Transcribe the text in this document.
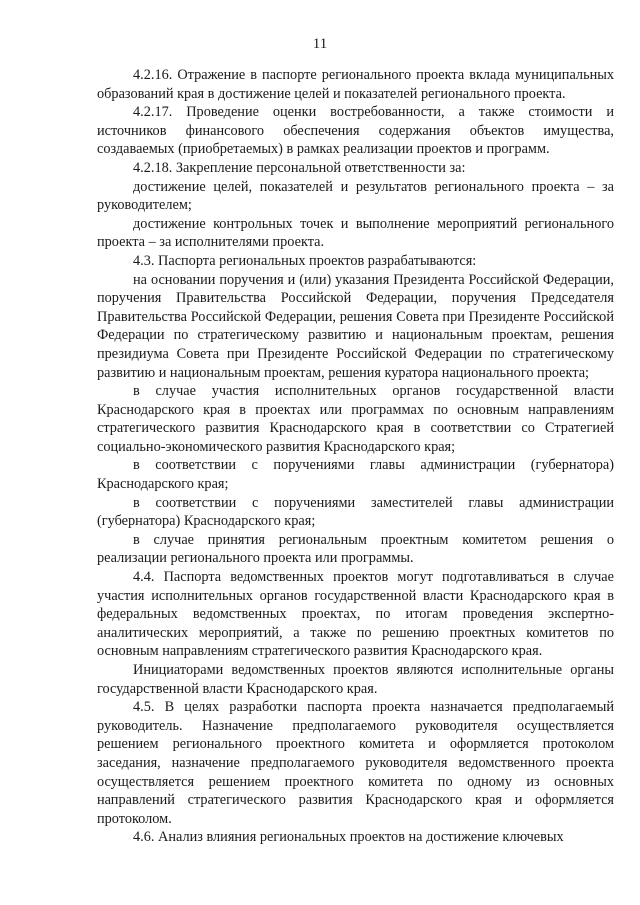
11

4.2.16. Отражение в паспорте регионального проекта вклада муниципальных образований края в достижение целей и показателей регионального проекта.

4.2.17. Проведение оценки востребованности, а также стоимости и источников финансового обеспечения содержания объектов имущества, создаваемых (приобретаемых) в рамках реализации проектов и программ.

4.2.18. Закрепление персональной ответственности за:

достижение целей, показателей и результатов регионального проекта – за руководителем;

достижение контрольных точек и выполнение мероприятий регионального проекта – за исполнителями проекта.

4.3. Паспорта региональных проектов разрабатываются:

на основании поручения и (или) указания Президента Российской Федерации, поручения Правительства Российской Федерации, поручения Председателя Правительства Российской Федерации, решения Совета при Президенте Российской Федерации по стратегическому развитию и национальным проектам, решения президиума Совета при Президенте Российской Федерации по стратегическому развитию и национальным проектам, решения куратора национального проекта;

в случае участия исполнительных органов государственной власти Краснодарского края в проектах или программах по основным направлениям стратегического развития Краснодарского края в соответствии со Стратегией социально-экономического развития Краснодарского края;

в соответствии с поручениями главы администрации (губернатора) Краснодарского края;

в соответствии с поручениями заместителей главы администрации (губернатора) Краснодарского края;

в случае принятия региональным проектным комитетом решения о реализации регионального проекта или программы.

4.4. Паспорта ведомственных проектов могут подготавливаться в случае участия исполнительных органов государственной власти Краснодарского края в федеральных ведомственных проектах, по итогам проведения экспертно-аналитических мероприятий, а также по решению проектных комитетов по основным направлениям стратегического развития Краснодарского края.

Инициаторами ведомственных проектов являются исполнительные органы государственной власти Краснодарского края.

4.5. В целях разработки паспорта проекта назначается предполагаемый руководитель. Назначение предполагаемого руководителя осуществляется решением регионального проектного комитета и оформляется протоколом заседания, назначение предполагаемого руководителя ведомственного проекта осуществляется решением проектного комитета по одному из основных направлений стратегического развития Краснодарского края и оформляется протоколом.

4.6. Анализ влияния региональных проектов на достижение ключевых
